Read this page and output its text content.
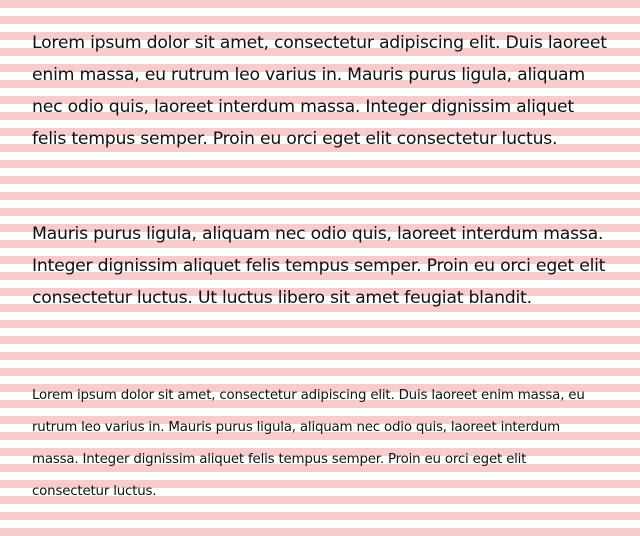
Lorem ipsum dolor sit amet, consectetur adipiscing elit. Duis laoreet enim massa, eu rutrum leo varius in. Mauris purus ligula, aliquam nec odio quis, laoreet interdum massa. Integer dignissim aliquet felis tempus semper. Proin eu orci eget elit consectetur luctus.

Mauris purus ligula, aliquam nec odio quis, laoreet interdum massa. Integer dignissim aliquet felis tempus semper. Proin eu orci eget elit consectetur luctus. Ut luctus libero sit amet feugiat blandit.

Lorem ipsum dolor sit amet, consectetur adipiscing elit. Duis laoreet enim massa, eu rutrum leo varius in. Mauris purus ligula, aliquam nec odio quis, laoreet interdum massa. Integer dignissim aliquet felis tempus semper. Proin eu orci eget elit consectetur luctus.
